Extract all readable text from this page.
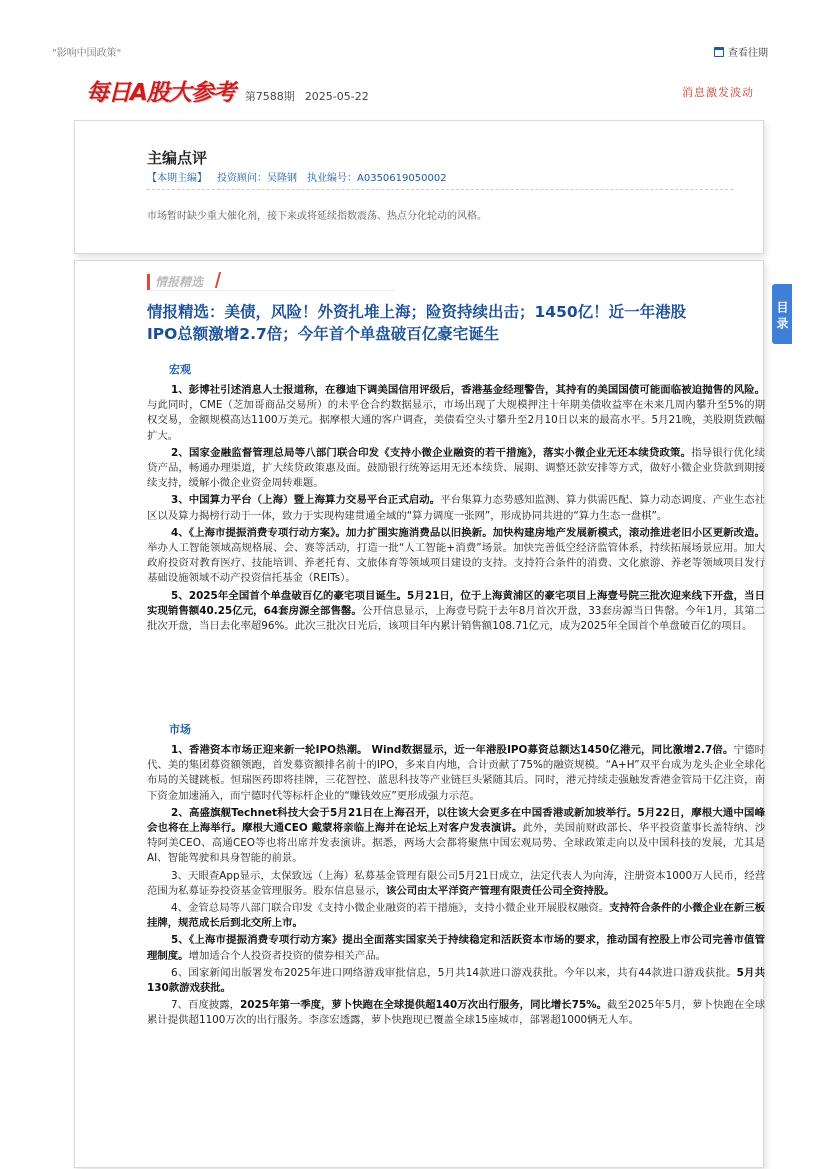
"影响中国政策"	查看往期
每日A股大参考 第7588期 2025-05-22	消息激发波动
主编点评
【本期主编】 投资顾问：吴隆钢 执业编号：A0350619050002
市场暂时缺少重大催化剂，接下来或将延续指数震荡、热点分化轮动的风格。
情报精选
情报精选：美债，风险！外资扎堆上海；险资持续出击；1450亿！近一年港股
IPO总额激增2.7倍；今年首个单盘破百亿豪宅诞生
宏观

1、彭博社引述消息人士报道称，在穆迪下调美国信用评级后，香港基金经理警告，其持有的美国国债可能面临被迫抛售的风险。与此同时，CME（芝加哥商品交易所）的未平仓合约数据显示，市场出现了大规模押注十年期美债收益率在未来几周内攀升至5%的期权交易，金额规模高达1100万美元。据摩根大通的客户调查，美债看空头寸攀升至2月10日以来的最高水平。5月21晚，美股期货跌幅扩大。

2、国家金融监督管理总局等八部门联合印发《支持小微企业融资的若干措施》，落实小微企业无还本续贷政策。指导银行优化续贷产品，畅通办理渠道，扩大续贷政策惠及面。鼓励银行统筹运用无还本续贷、展期、调整还款安排等方式，做好小微企业贷款到期接续支持，缓解小微企业资金周转难题。

3、中国算力平台（上海）暨上海算力交易平台正式启动。平台集算力态势感知监测、算力供需匹配、算力动态调度、产业生态社区以及算力揭榜行动于一体，致力于实现构建贯通全域的“算力调度一张网”，形成协同共进的“算力生态一盘棋”。

4、《上海市提振消费专项行动方案》。加力扩围实施消费品以旧换新。加快构建房地产发展新模式，滚动推进老旧小区更新改造。举办人工智能领域高规格展、会、赛等活动，打造一批“人工智能+消费”场景。加快完善低空经济监管体系，持续拓展场景应用。加大政府投资对教育医疗、技能培训、养老托育、文旅体育等领域项目建设的支持。支持符合条件的消费、文化旅游、养老等领域项目发行基础设施领域不动产投资信托基金（REITs）。

5、2025年全国首个单盘破百亿的豪宅项目诞生。5月21日，位于上海黄浦区的豪宅项目上海壹号院三批次迎来线下开盘，当日实现销售额40.25亿元，64套房源全部售罄。公开信息显示，上海壹号院于去年8月首次开盘，33套房源当日售罄。今年1月，其第二批次开盘，当日去化率超96%。此次三批次日光后，该项目年内累计销售额108.71亿元，成为2025年全国首个单盘破百亿的项目。

市场

1、香港资本市场正迎来新一轮IPO热潮。 Wind数据显示，近一年港股IPO募资总额达1450亿港元，同比激增2.7倍。宁德时代、美的集团募资额领跑，首发募资额排名前十的IPO，多来自内地，合计贡献了75%的融资规模。“A+H”双平台成为龙头企业全球化布局的关键跳板。恒瑞医药即将挂牌，三花智控、蓝思科技等产业链巨头紧随其后。同时，港元持续走强触发香港金管局干亿注资，南下资金加速涌入，而宁德时代等标杆企业的“赚钱效应”更形成强力示范。

2、高盛旗舰Technet科技大会于5月21日在上海召开，以往该大会更多在中国香港或新加坡举行。5月22日，摩根大通中国峰会也将在上海举行。摩根大通CEO 戴蒙将亲临上海并在论坛上对客户发表演讲。此外，美国前财政部长、华平投资董事长盖特纳、沙特阿美CEO、高通CEO等也将出席并发表演讲。据悉，两场大会都将聚焦中国宏观局势、全球政策走向以及中国科技的发展，尤其是AI、智能驾驶和具身智能的前景。

3、天眼查App显示，太保致远（上海）私募基金管理有限公司5月21日成立，法定代表人为向涛，注册资本1000万人民币，经营范围为私募证券投资基金管理服务。股东信息显示，该公司由太平洋资产管理有限责任公司全资持股。

4、金管总局等八部门联合印发《支持小微企业融资的若干措施》，支持小微企业开展股权融资。支持符合条件的小微企业在新三板挂牌，规范成长后到北交所上市。

5、《上海市提振消费专项行动方案》提出全面落实国家关于持续稳定和活跃资本市场的要求，推动国有控股上市公司完善市值管理制度。增加适合个人投资者投资的债券相关产品。

6、国家新闻出版署发布2025年进口网络游戏审批信息，5月共14款进口游戏获批。今年以来，共有44款进口游戏获批。5月共130款游戏获批。

7、百度披露，2025年第一季度，萝卜快跑在全球提供超140万次出行服务，同比增长75%。截至2025年5月，萝卜快跑在全球累计提供超1100万次的出行服务。李彦宏透露，萝卜快跑现已覆盖全球15座城市，部署超1000辆无人车。

目录
